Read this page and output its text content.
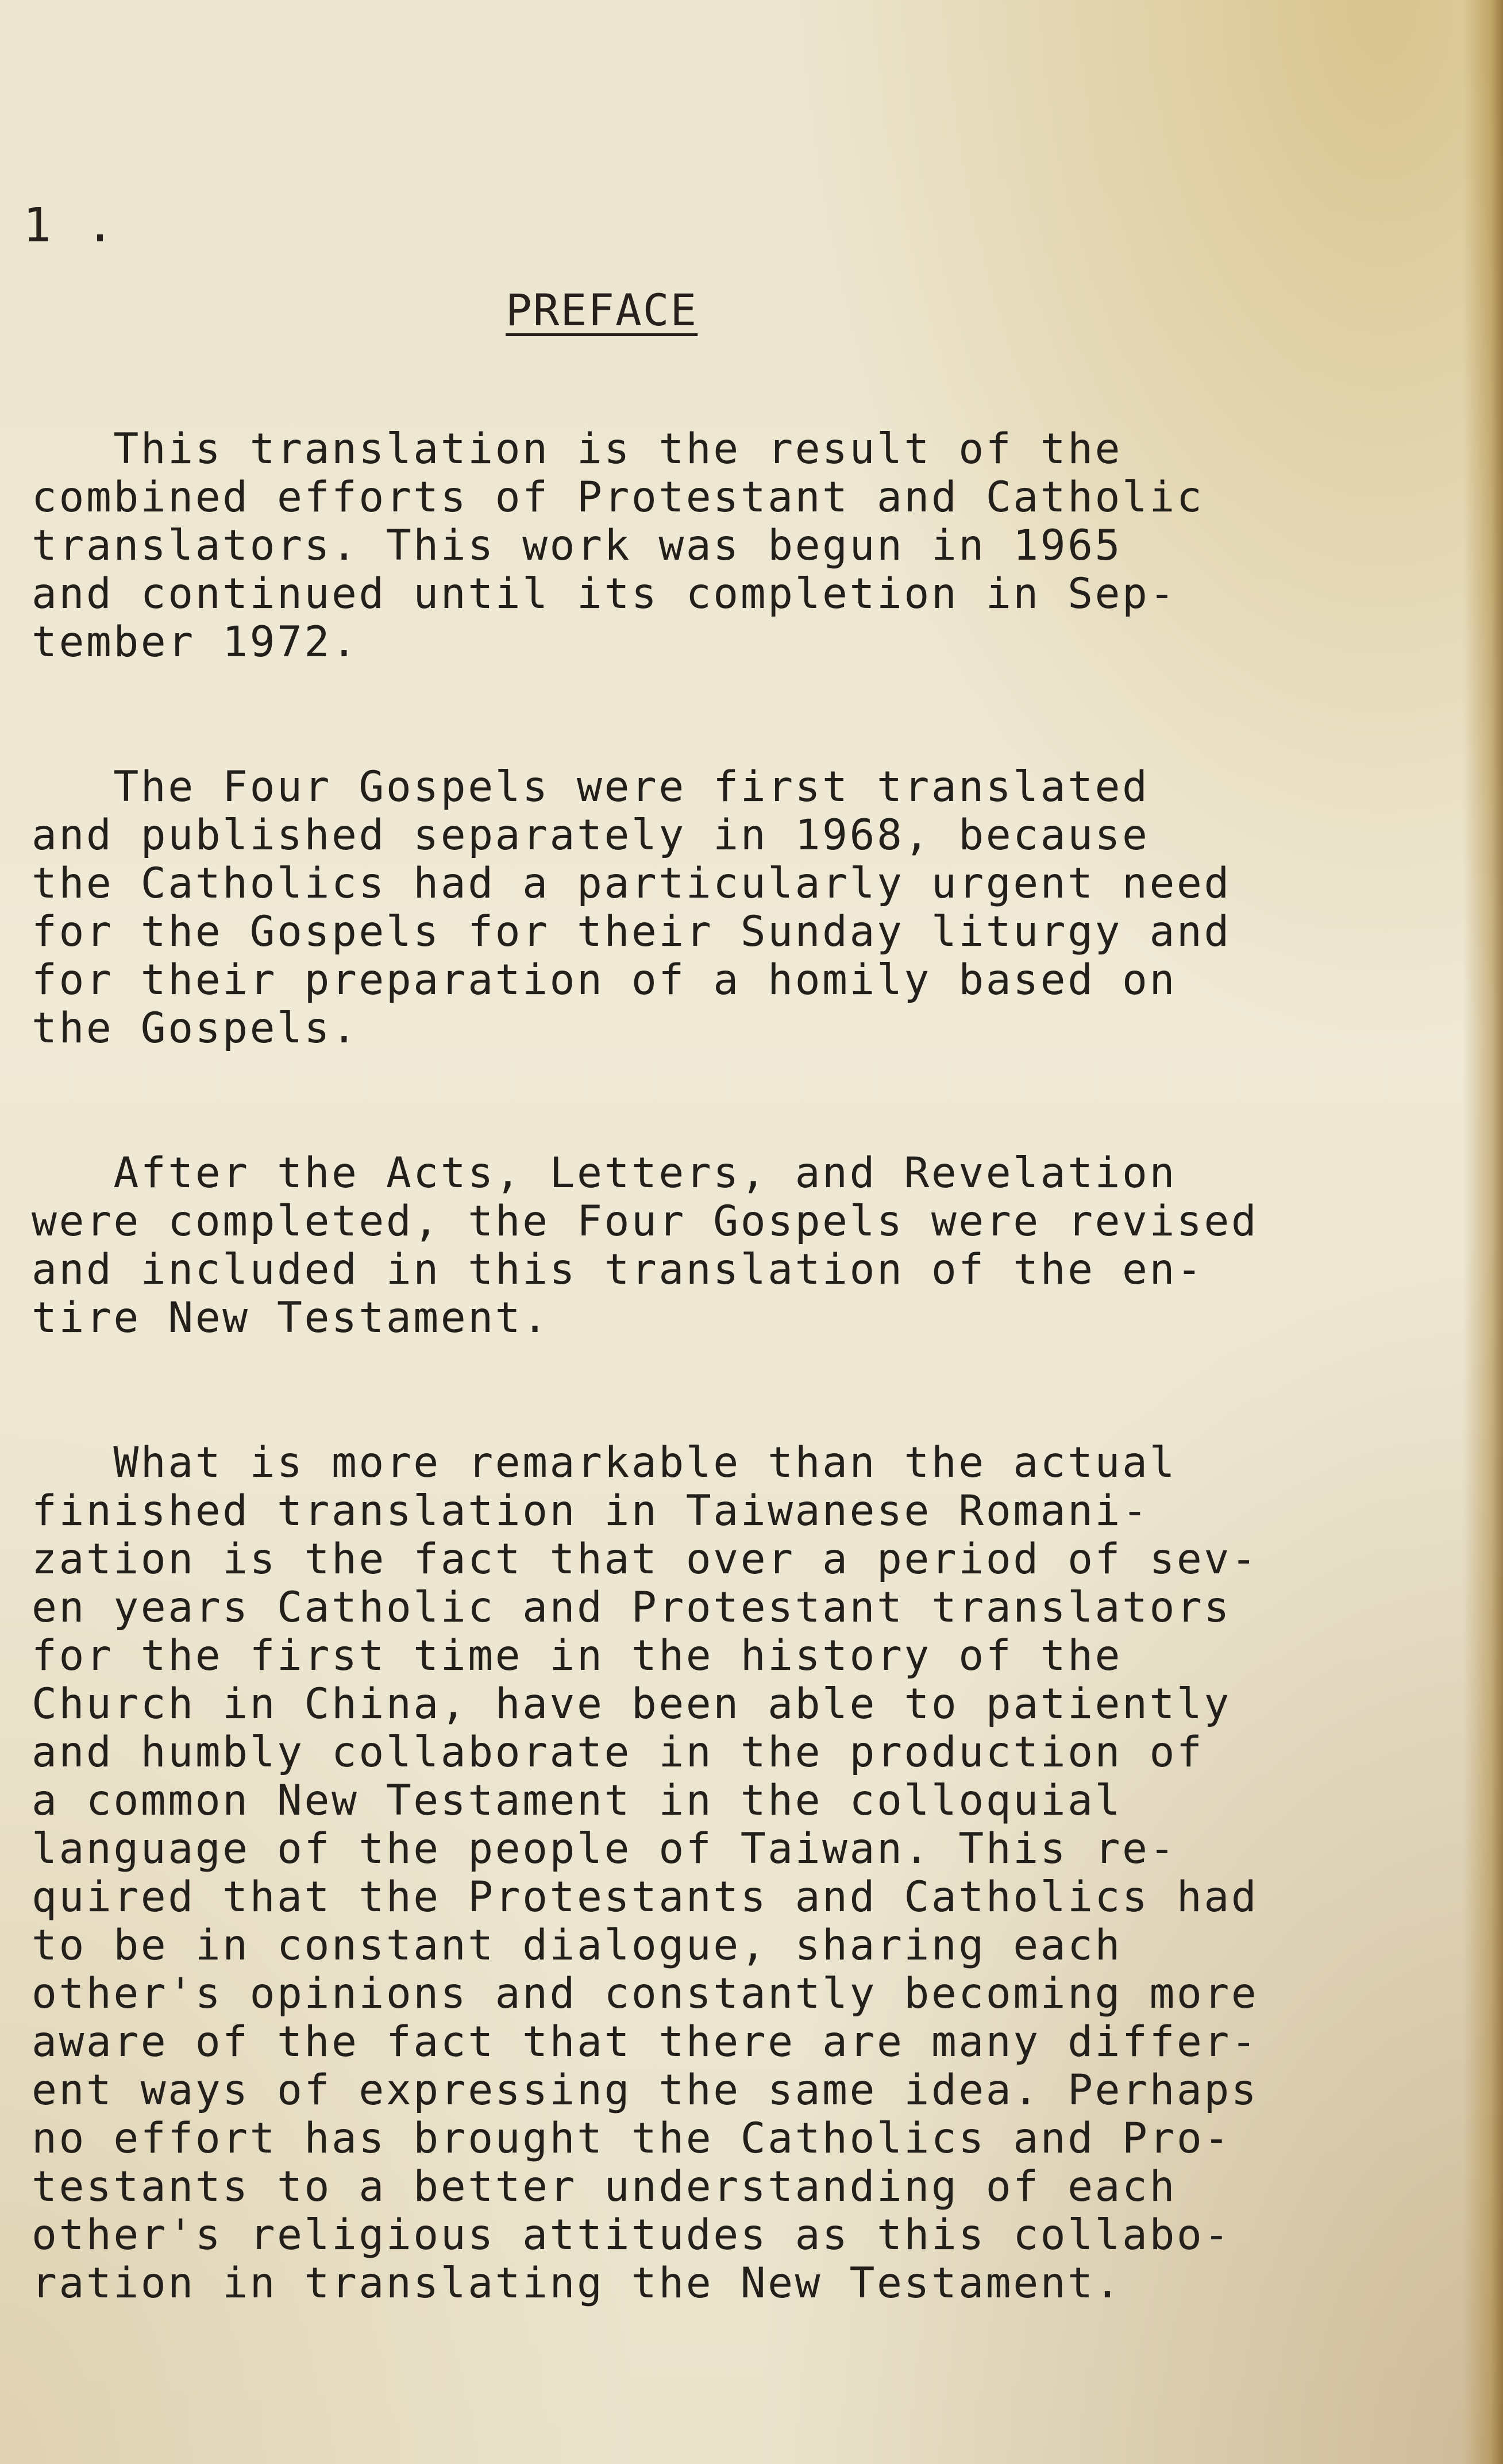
1 .
PREFACE
This translation is the result of the
combined efforts of Protestant and Catholic
translators. This work was begun in 1965
and continued until its completion in Sep-
tember 1972.
The Four Gospels were first translated
and published separately in 1968, because
the Catholics had a particularly urgent need
for the Gospels for their Sunday liturgy and
for their preparation of a homily based on
the Gospels.
After the Acts, Letters, and Revelation
were completed, the Four Gospels were revised
and included in this translation of the en-
tire New Testament.
What is more remarkable than the actual
finished translation in Taiwanese Romani-
zation is the fact that over a period of sev-
en years Catholic and Protestant translators
for the first time in the history of the
Church in China, have been able to patiently
and humbly collaborate in the production of
a common New Testament in the colloquial
language of the people of Taiwan. This re-
quired that the Protestants and Catholics had
to be in constant dialogue, sharing each
other's opinions and constantly becoming more
aware of the fact that there are many differ-
ent ways of expressing the same idea. Perhaps
no effort has brought the Catholics and Pro-
testants to a better understanding of each
other's religious attitudes as this collabo-
ration in translating the New Testament.
